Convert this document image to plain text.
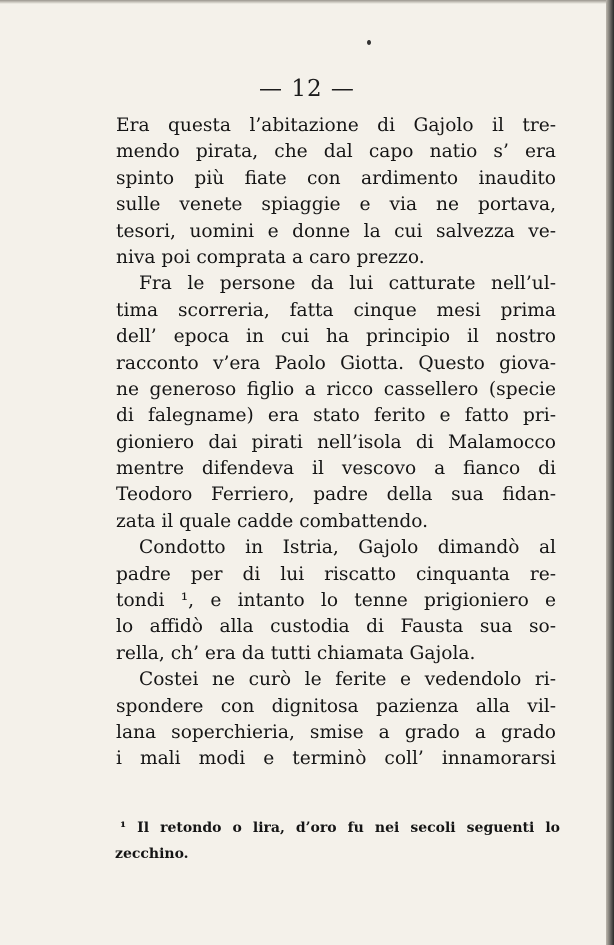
— 12 —
Era questa l’abitazione di Gajolo il tre-
mendo pirata, che dal capo natio s’ era
spinto più fiate con ardimento inaudito
sulle venete spiaggie e via ne portava,
tesori, uomini e donne la cui salvezza ve-
niva poi comprata a caro prezzo.
Fra le persone da lui catturate nell’ul-
tima scorreria, fatta cinque mesi prima
dell’ epoca in cui ha principio il nostro
racconto v’era Paolo Giotta. Questo giova-
ne generoso figlio a ricco cassellero (specie
di falegname) era stato ferito e fatto pri-
gioniero dai pirati nell’isola di Malamocco
mentre difendeva il vescovo a fianco di
Teodoro Ferriero, padre della sua fidan-
zata il quale cadde combattendo.
Condotto in Istria, Gajolo dimandò al
padre per di lui riscatto cinquanta re-
tondi ¹, e intanto lo tenne prigioniero e
lo affidò alla custodia di Fausta sua so-
rella, ch’ era da tutti chiamata Gajola.
Costei ne curò le ferite e vedendolo ri-
spondere con dignitosa pazienza alla vil-
lana soperchieria, smise a grado a grado
i mali modi e terminò coll’ innamorarsi
¹ Il retondo o lira, d’oro fu nei secoli seguenti lo
zecchino.
